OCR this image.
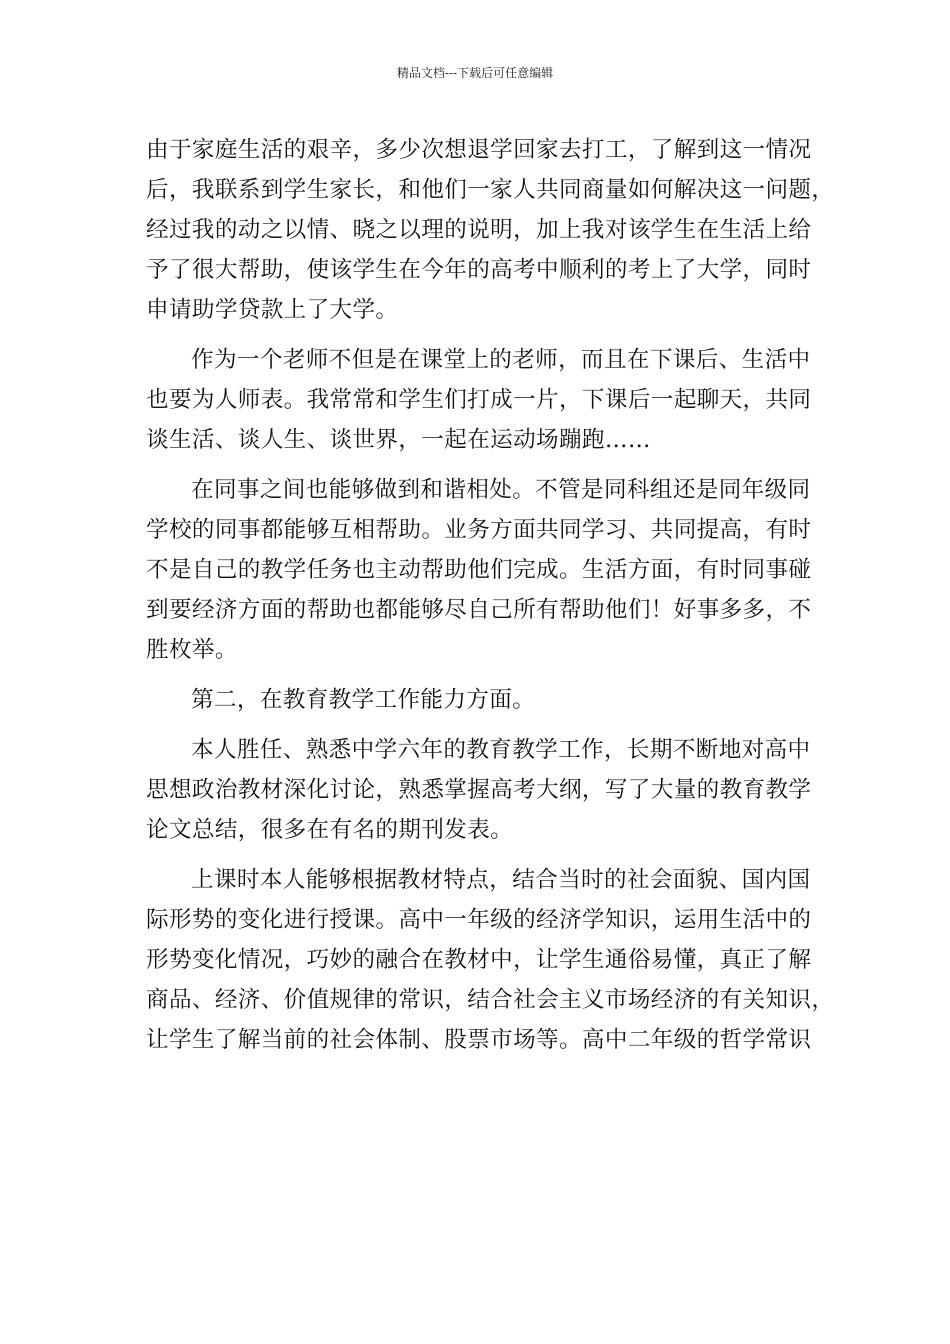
精品文档---下载后可任意编辑
由于家庭生活的艰辛，多少次想退学回家去打工，了解到这一情况
后，我联系到学生家长，和他们一家人共同商量如何解决这一问题，
经过我的动之以情、晓之以理的说明，加上我对该学生在生活上给
予了很大帮助，使该学生在今年的高考中顺利的考上了大学，同时
申请助学贷款上了大学。
作为一个老师不但是在课堂上的老师，而且在下课后、生活中
也要为人师表。我常常和学生们打成一片，下课后一起聊天，共同
谈生活、谈人生、谈世界，一起在运动场蹦跑……
在同事之间也能够做到和谐相处。不管是同科组还是同年级同
学校的同事都能够互相帮助。业务方面共同学习、共同提高，有时
不是自己的教学任务也主动帮助他们完成。生活方面，有时同事碰
到要经济方面的帮助也都能够尽自己所有帮助他们！好事多多，不
胜枚举。
第二，在教育教学工作能力方面。
本人胜任、熟悉中学六年的教育教学工作，长期不断地对高中
思想政治教材深化讨论，熟悉掌握高考大纲，写了大量的教育教学
论文总结，很多在有名的期刊发表。
上课时本人能够根据教材特点，结合当时的社会面貌、国内国
际形势的变化进行授课。高中一年级的经济学知识，运用生活中的
形势变化情况，巧妙的融合在教材中，让学生通俗易懂，真正了解
商品、经济、价值规律的常识，结合社会主义市场经济的有关知识，
让学生了解当前的社会体制、股票市场等。高中二年级的哲学常识
